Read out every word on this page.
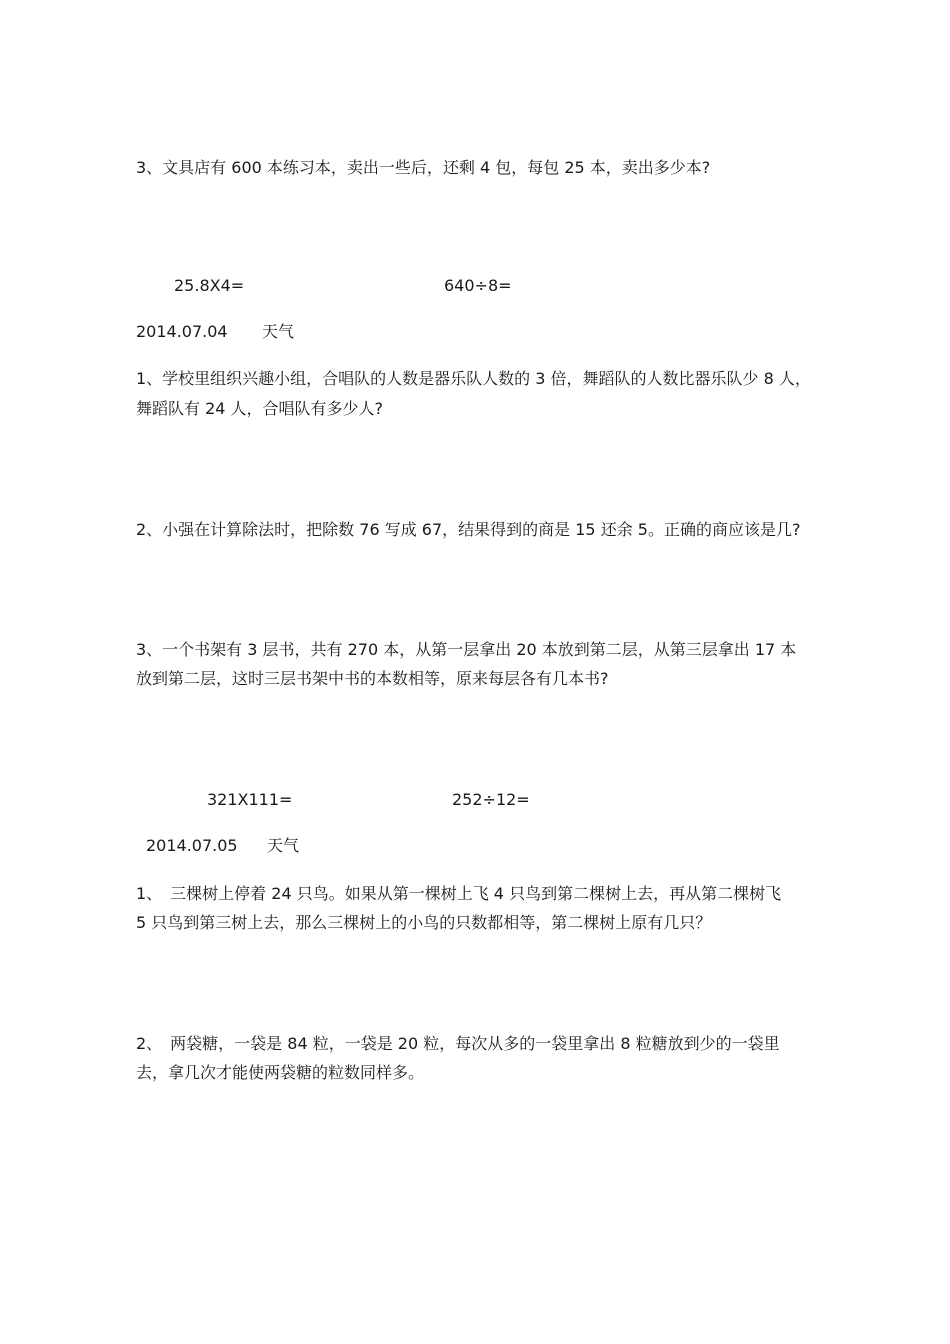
3、文具店有 600 本练习本，卖出一些后，还剩 4 包，每包 25 本，卖出多少本?
25.8X4=	640÷8=
2014.07.04 天气
1、学校里组织兴趣小组，合唱队的人数是器乐队人数的 3 倍，舞蹈队的人数比器乐队少 8 人，
舞蹈队有 24 人，合唱队有多少人?
2、小强在计算除法时，把除数 76 写成 67，结果得到的商是 15 还余 5。正确的商应该是几?
3、一个书架有 3 层书，共有 270 本，从第一层拿出 20 本放到第二层，从第三层拿出 17 本
放到第二层，这时三层书架中书的本数相等，原来每层各有几本书?
321X111=	252÷12=
2014.07.05 天气
1、　三棵树上停着 24 只鸟。如果从第一棵树上飞 4 只鸟到第二棵树上去，再从第二棵树飞
5 只鸟到第三树上去，那么三棵树上的小鸟的只数都相等，第二棵树上原有几只？
2、　两袋糖，一袋是 84 粒，一袋是 20 粒，每次从多的一袋里拿出 8 粒糖放到少的一袋里
去，拿几次才能使两袋糖的粒数同样多。
